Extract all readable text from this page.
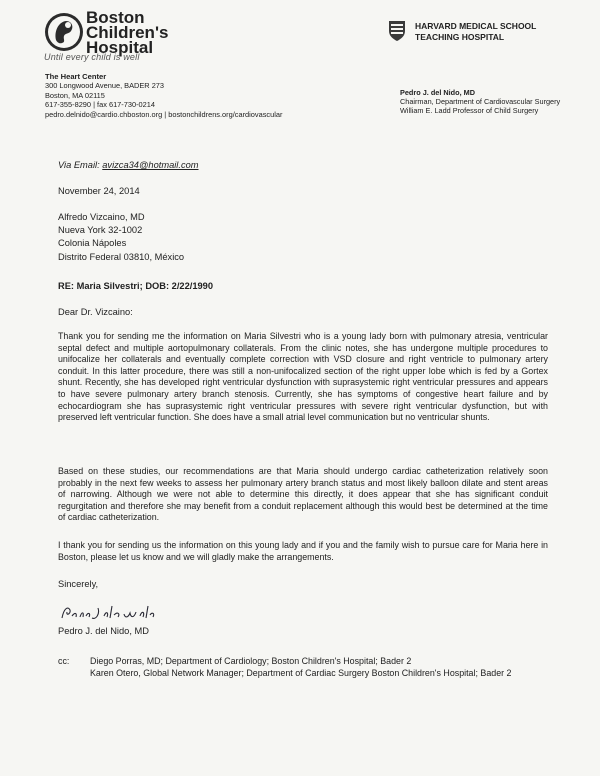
Boston
Children's
Hospital
Until every child is well
The Heart Center
300 Longwood Avenue, BADER 273
Boston, MA 02115
617-355-8290 | fax 617-730-0214
pedro.delnido@cardio.chboston.org | bostonchildrens.org/cardiovascular
HARVARD MEDICAL SCHOOL
TEACHING HOSPITAL
Pedro J. del Nido, MD
Chairman, Department of Cardiovascular Surgery
William E. Ladd Professor of Child Surgery
Via Email: avizca34@hotmail.com
November 24, 2014
Alfredo Vizcaino, MD
Nueva York 32-1002
Colonia Nápoles
Distrito Federal 03810, México
RE: Maria Silvestri; DOB: 2/22/1990
Dear Dr. Vizcaino:
Thank you for sending me the information on Maria Silvestri who is a young lady born with pulmonary atresia, ventricular septal defect and multiple aortopulmonary collaterals. From the clinic notes, she has undergone multiple procedures to unifocalize her collaterals and eventually complete correction with VSD closure and right ventricle to pulmonary artery conduit. In this latter procedure, there was still a non-unifocalized section of the right upper lobe which is fed by a Gortex shunt. Recently, she has developed right ventricular dysfunction with suprasystemic right ventricular pressures and appears to have severe pulmonary artery branch stenosis. Currently, she has symptoms of congestive heart failure and by echocardiogram she has suprasystemic right ventricular pressures with severe right ventricular dysfunction, but with preserved left ventricular function. She does have a small atrial level communication but no ventricular shunts.
Based on these studies, our recommendations are that Maria should undergo cardiac catheterization relatively soon probably in the next few weeks to assess her pulmonary artery branch status and most likely balloon dilate and stent areas of narrowing. Although we were not able to determine this directly, it does appear that she has significant conduit regurgitation and therefore she may benefit from a conduit replacement although this would best be determined at the time of cardiac catheterization.
I thank you for sending us the information on this young lady and if you and the family wish to pursue care for Maria here in Boston, please let us know and we will gladly make the arrangements.
Sincerely,
Pedro J. del Nido, MD
cc: Diego Porras, MD; Department of Cardiology; Boston Children's Hospital; Bader 2
Karen Otero, Global Network Manager; Department of Cardiac Surgery Boston Children's Hospital; Bader 2
